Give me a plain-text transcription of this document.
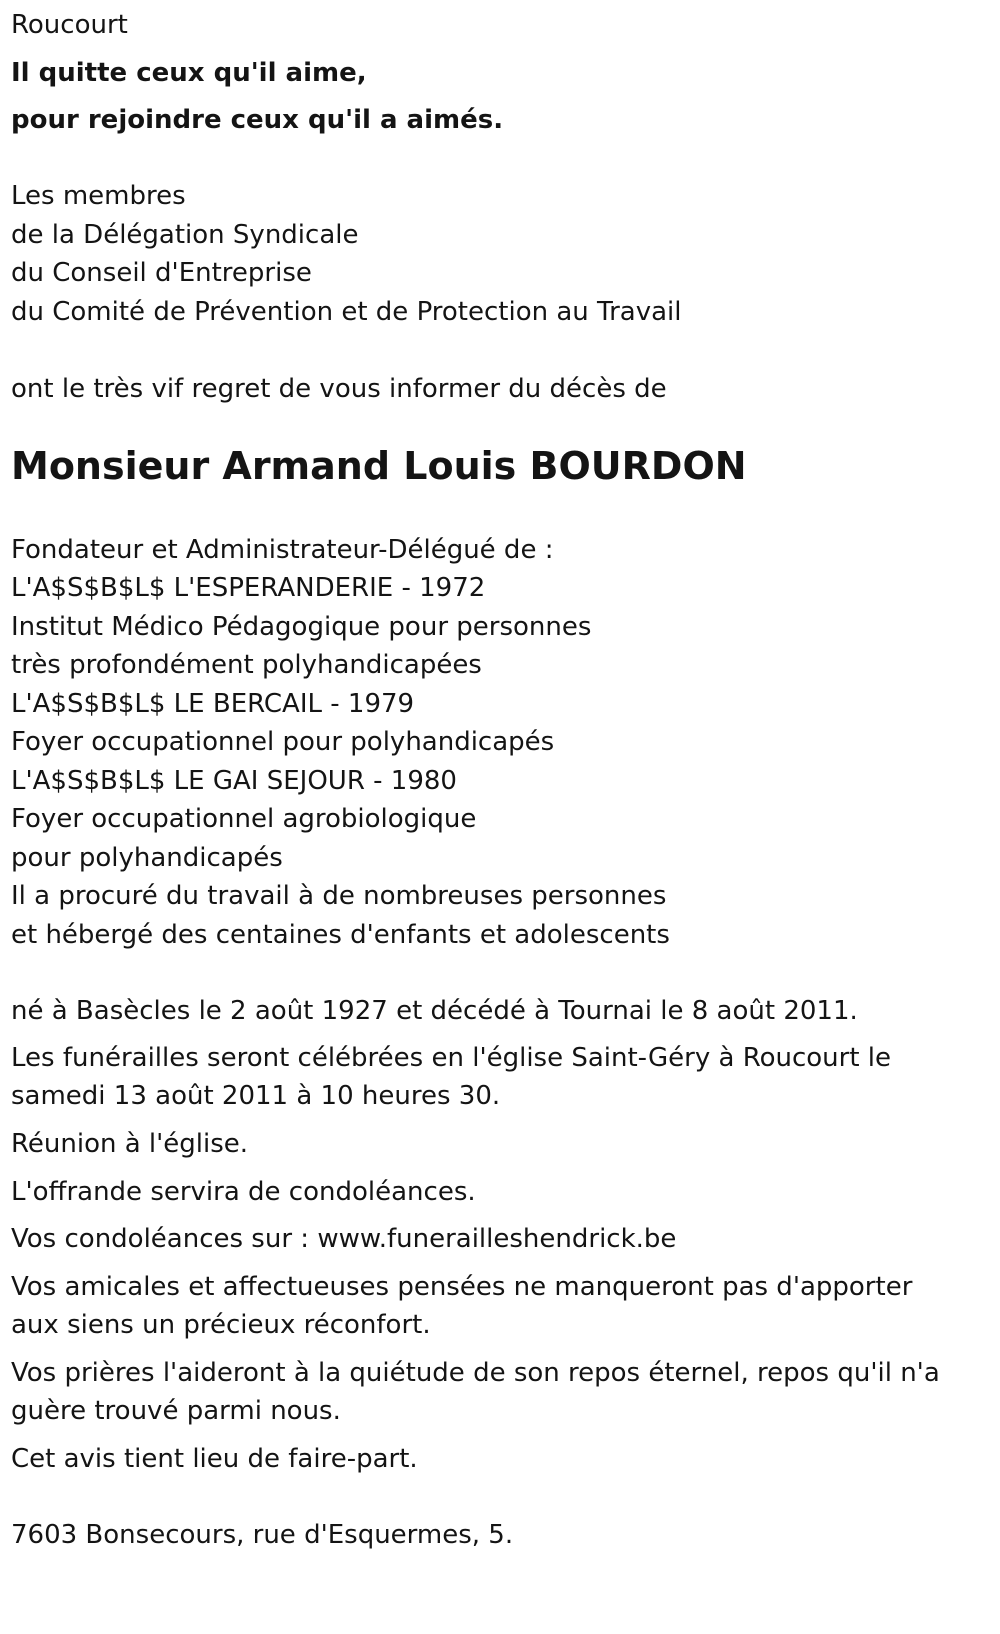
Roucourt
Il quitte ceux qu'il aime,
pour rejoindre ceux qu'il a aimés.
Les membres
de la Délégation Syndicale
du Conseil d'Entreprise
du Comité de Prévention et de Protection au Travail
ont le très vif regret de vous informer du décès de
Monsieur Armand Louis BOURDON
Fondateur et Administrateur-Délégué de :
L'A$S$B$L$ L'ESPERANDERIE - 1972
Institut Médico Pédagogique pour personnes
très profondément polyhandicapées
L'A$S$B$L$ LE BERCAIL - 1979
Foyer occupationnel pour polyhandicapés
L'A$S$B$L$ LE GAI SEJOUR - 1980
Foyer occupationnel agrobiologique
pour polyhandicapés
Il a procuré du travail à de nombreuses personnes
et hébergé des centaines d'enfants et adolescents
né à Basècles le 2 août 1927 et décédé à Tournai le 8 août 2011.
Les funérailles seront célébrées en l'église Saint-Géry à Roucourt le
samedi 13 août 2011 à 10 heures 30.
Réunion à l'église.
L'offrande servira de condoléances.
Vos condoléances sur : www.funerailleshendrick.be
Vos amicales et affectueuses pensées ne manqueront pas d'apporter
aux siens un précieux réconfort.
Vos prières l'aideront à la quiétude de son repos éternel, repos qu'il n'a
guère trouvé parmi nous.
Cet avis tient lieu de faire-part.
7603 Bonsecours, rue d'Esquermes, 5.
